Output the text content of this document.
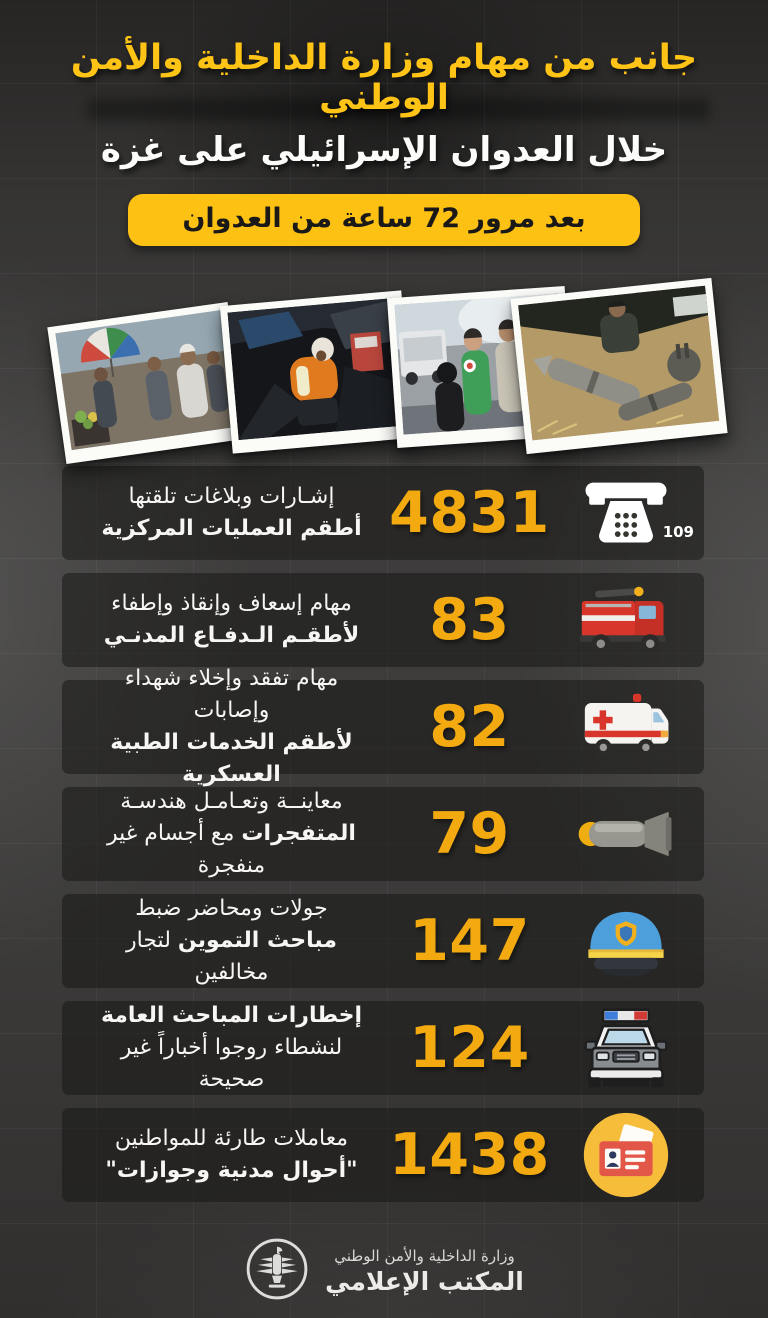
جانب من مهام وزارة الداخلية والأمن الوطني
خلال العدوان الإسرائيلي على غزة
بعد مرور 72 ساعة من العدوان
إشـارات وبلاغات تلقتها
أطقم العمليات المركزية 4831	109
مهام إسعاف وإنقاذ وإطفاء
لأطقـم الـدفـاع المدنـي	83
مهام تفقد وإخلاء شهداء وإصابات
لأطقم الخدمات الطبية العسكرية
82
معاينــة وتعـامـل هندسـة
المتفجرات مع أجسام غير منفجرة	79
جولات ومحاضر ضبط
مباحث التموين لتجار مخالفين	147
إخطارات المباحث العامة
لنشطاء روجوا أخباراً غير صحيحة	124
معاملات طارئة للمواطنين
"أحوال مدنية وجوازات" 1438
وزارة الداخلية والأمن الوطني
المكتب الإعلامي
